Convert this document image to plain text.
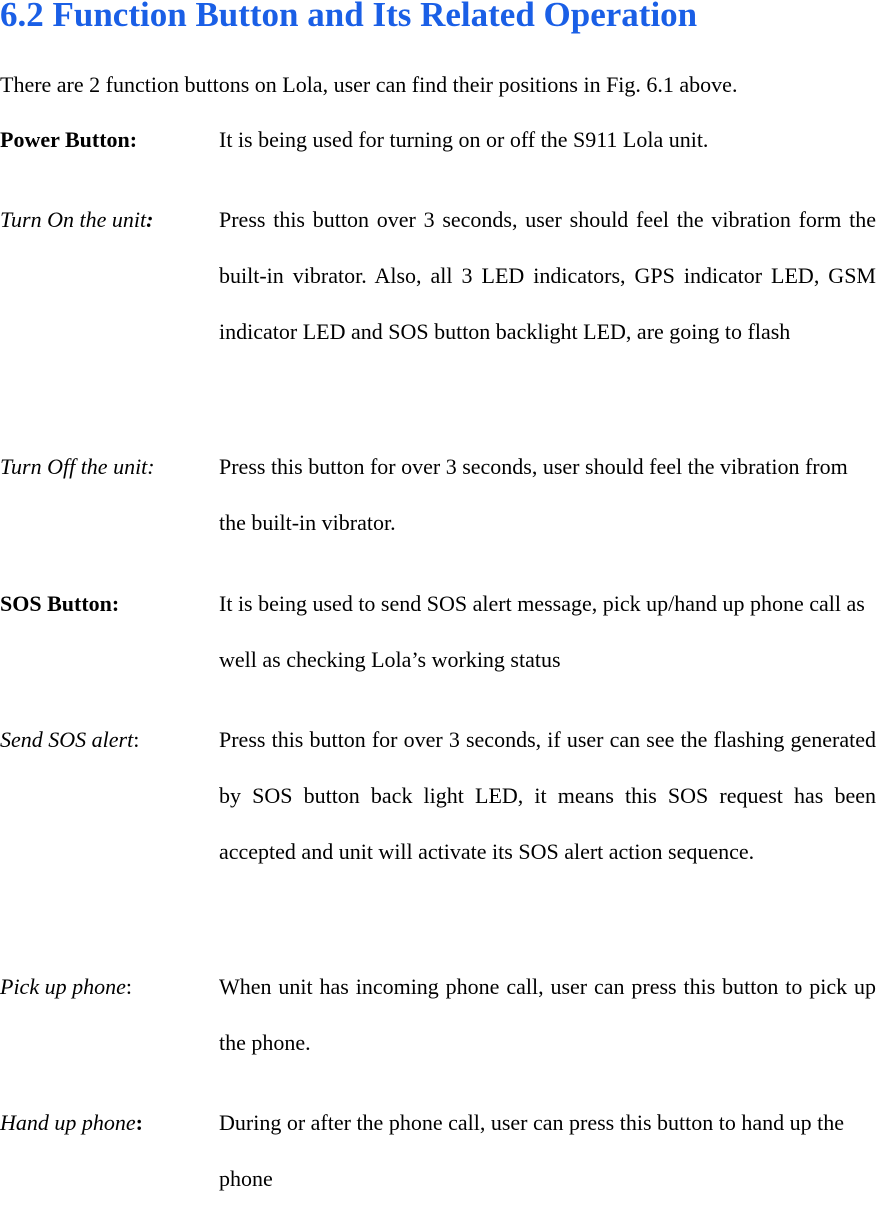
6.2 Function Button and Its Related Operation
There are 2 function buttons on Lola, user can find their positions in Fig. 6.1 above.
Power Button:	It is being used for turning on or off the S911 Lola unit.
Turn On the unit:	Press this button over 3 seconds, user should feel the vibration form the built-in vibrator. Also, all 3 LED indicators, GPS indicator LED, GSM indicator LED and SOS button backlight LED, are going to flash
Turn Off the unit:	Press this button for over 3 seconds, user should feel the vibration from the built-in vibrator.
SOS Button:	It is being used to send SOS alert message, pick up/hand up phone call as well as checking Lola’s working status
Send SOS alert:	Press this button for over 3 seconds, if user can see the flashing generated by SOS button back light LED, it means this SOS request has been accepted and unit will activate its SOS alert action sequence.
Pick up phone:	When unit has incoming phone call, user can press this button to pick up the phone.
Hand up phone:	During or after the phone call, user can press this button to hand up the phone
